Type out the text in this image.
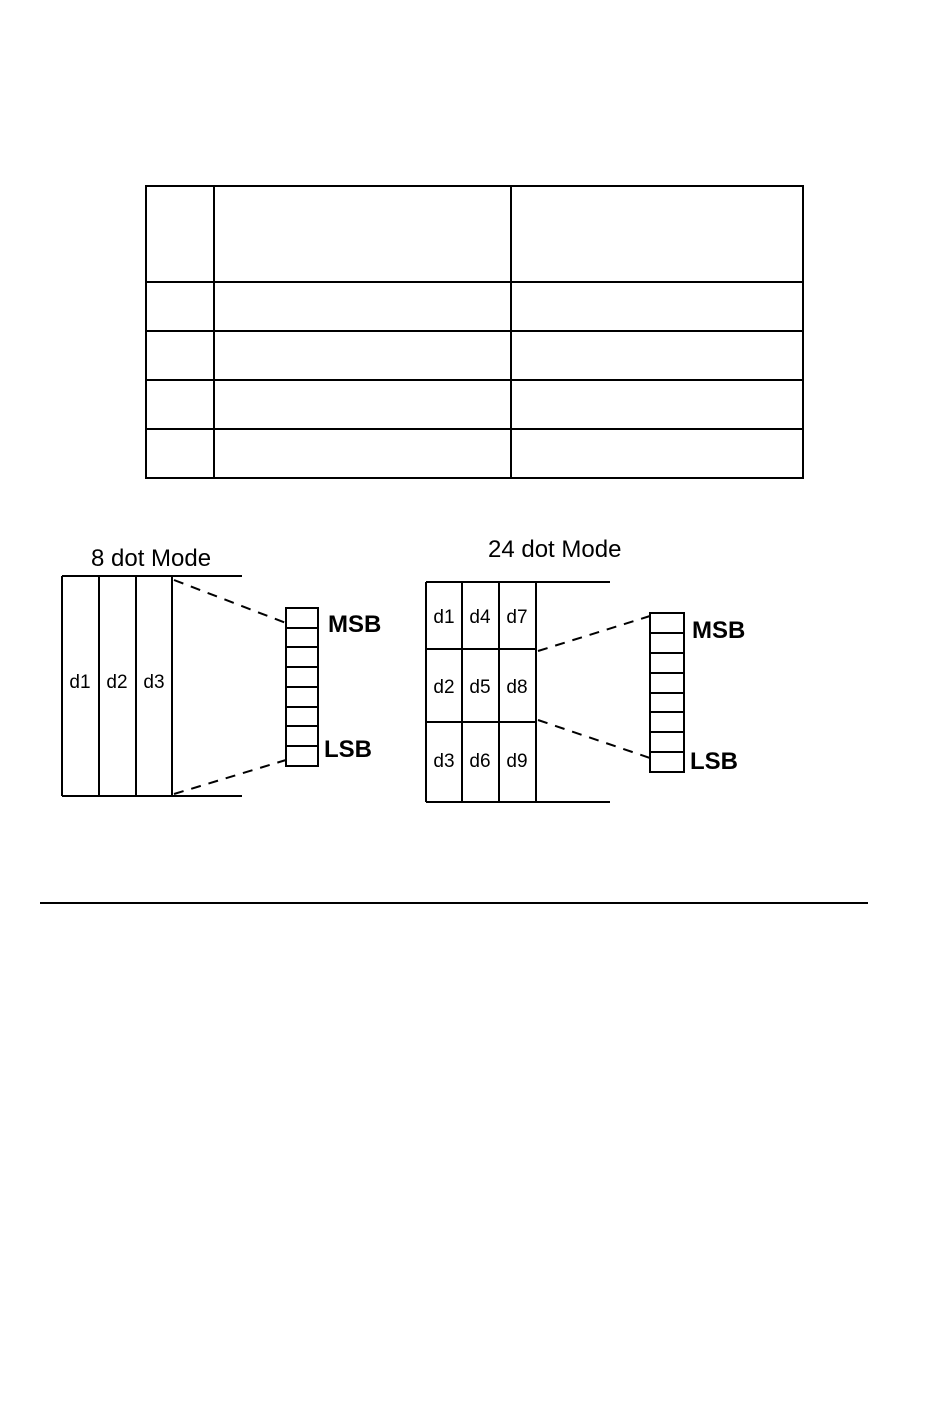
8 dot Mode
d1 d2 d3
MSB
LSB
24 dot Mode
d1 d4 d7
d2 d5 d8
d3 d6 d9
MSB
LSB
